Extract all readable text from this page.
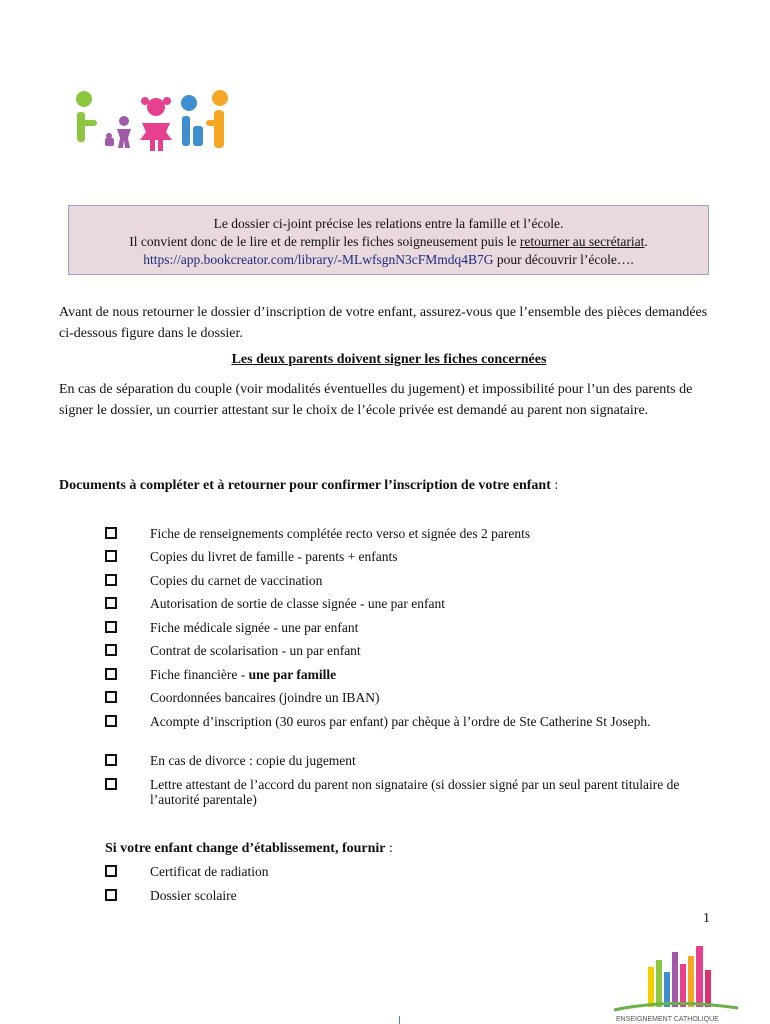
Le dossier ci-joint précise les relations entre la famille et l’école.
Il convient donc de le lire et de remplir les fiches soigneusement puis le retourner au secrétariat.
https://app.bookcreator.com/library/-MLwfsgnN3cFMmdq4B7G pour découvrir l’école….
Avant de nous retourner le dossier d’inscription de votre enfant, assurez-vous que l’ensemble des pièces demandées ci-dessous figure dans le dossier.
Les deux parents doivent signer les fiches concernées
En cas de séparation du couple (voir modalités éventuelles du jugement) et impossibilité pour l’un des parents de signer le dossier, un courrier attestant sur le choix de l’école privée est demandé au parent non signataire.
Documents à compléter et à retourner pour confirmer l’inscription de votre enfant :
Fiche de renseignements complétée recto verso et signée des 2 parents
Copies du livret de famille - parents + enfants
Copies du carnet de vaccination
Autorisation de sortie de classe signée - une par enfant
Fiche médicale signée - une par enfant
Contrat de scolarisation - un par enfant
Fiche financière - une par famille
Coordonnées bancaires (joindre un IBAN)
Acompte d’inscription (30 euros par enfant) par chèque à l’ordre de Ste Catherine St Joseph.
En cas de divorce : copie du jugement
Lettre attestant de l’accord du parent non signataire (si dossier signé par un seul parent titulaire de l’autorité parentale)
Si votre enfant change d’établissement, fournir :
Certificat de radiation
Dossier scolaire
1
ENSEIGNEMENT CATHOLIQUE
